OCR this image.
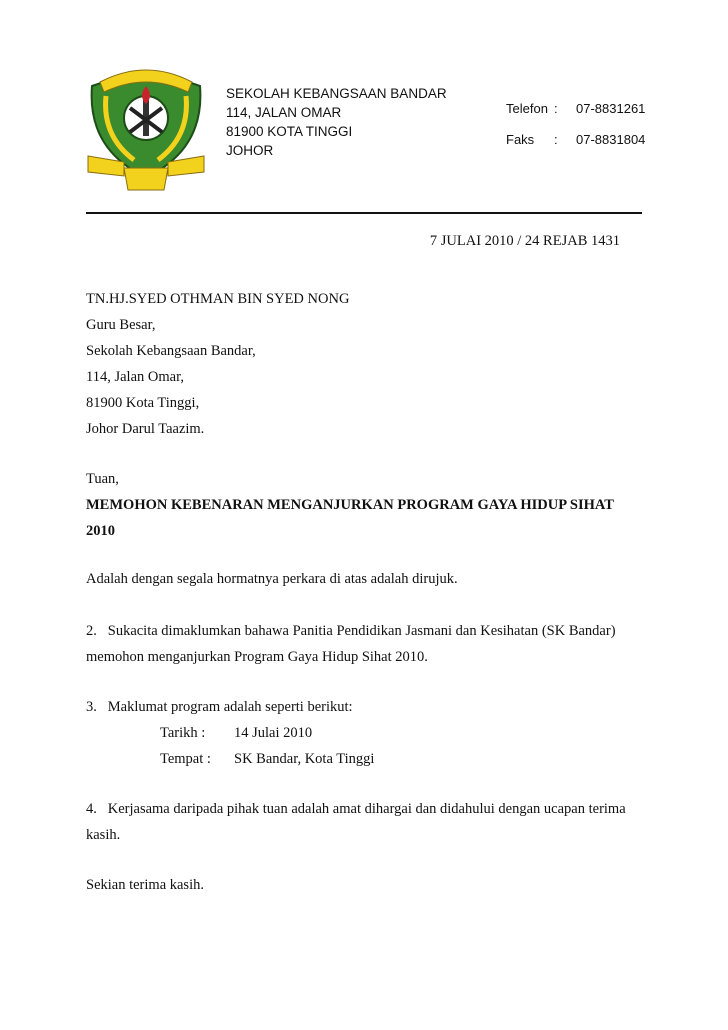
SEKOLAH KEBANGSAAN BANDAR
114, JALAN OMAR
81900 KOTA TINGGI
JOHOR
Telefon : 07-8831261
Faks : 07-8831804
7 JULAI 2010 / 24 REJAB 1431
TN.HJ.SYED OTHMAN BIN SYED NONG
Guru Besar,
Sekolah Kebangsaan Bandar,
114, Jalan Omar,
81900 Kota Tinggi,
Johor Darul Taazim.
Tuan,
MEMOHON KEBENARAN MENGANJURKAN PROGRAM GAYA HIDUP SIHAT
2010
Adalah dengan segala hormatnya perkara di atas adalah dirujuk.
2.   Sukacita dimaklumkan bahawa Panitia Pendidikan Jasmani dan Kesihatan (SK Bandar)
memohon menganjurkan Program Gaya Hidup Sihat 2010.
3.   Maklumat program adalah seperti berikut:
Tarikh : 14 Julai 2010
Tempat : SK Bandar, Kota Tinggi
4.   Kerjasama daripada pihak tuan adalah amat dihargai dan didahului dengan ucapan terima
kasih.
Sekian terima kasih.
